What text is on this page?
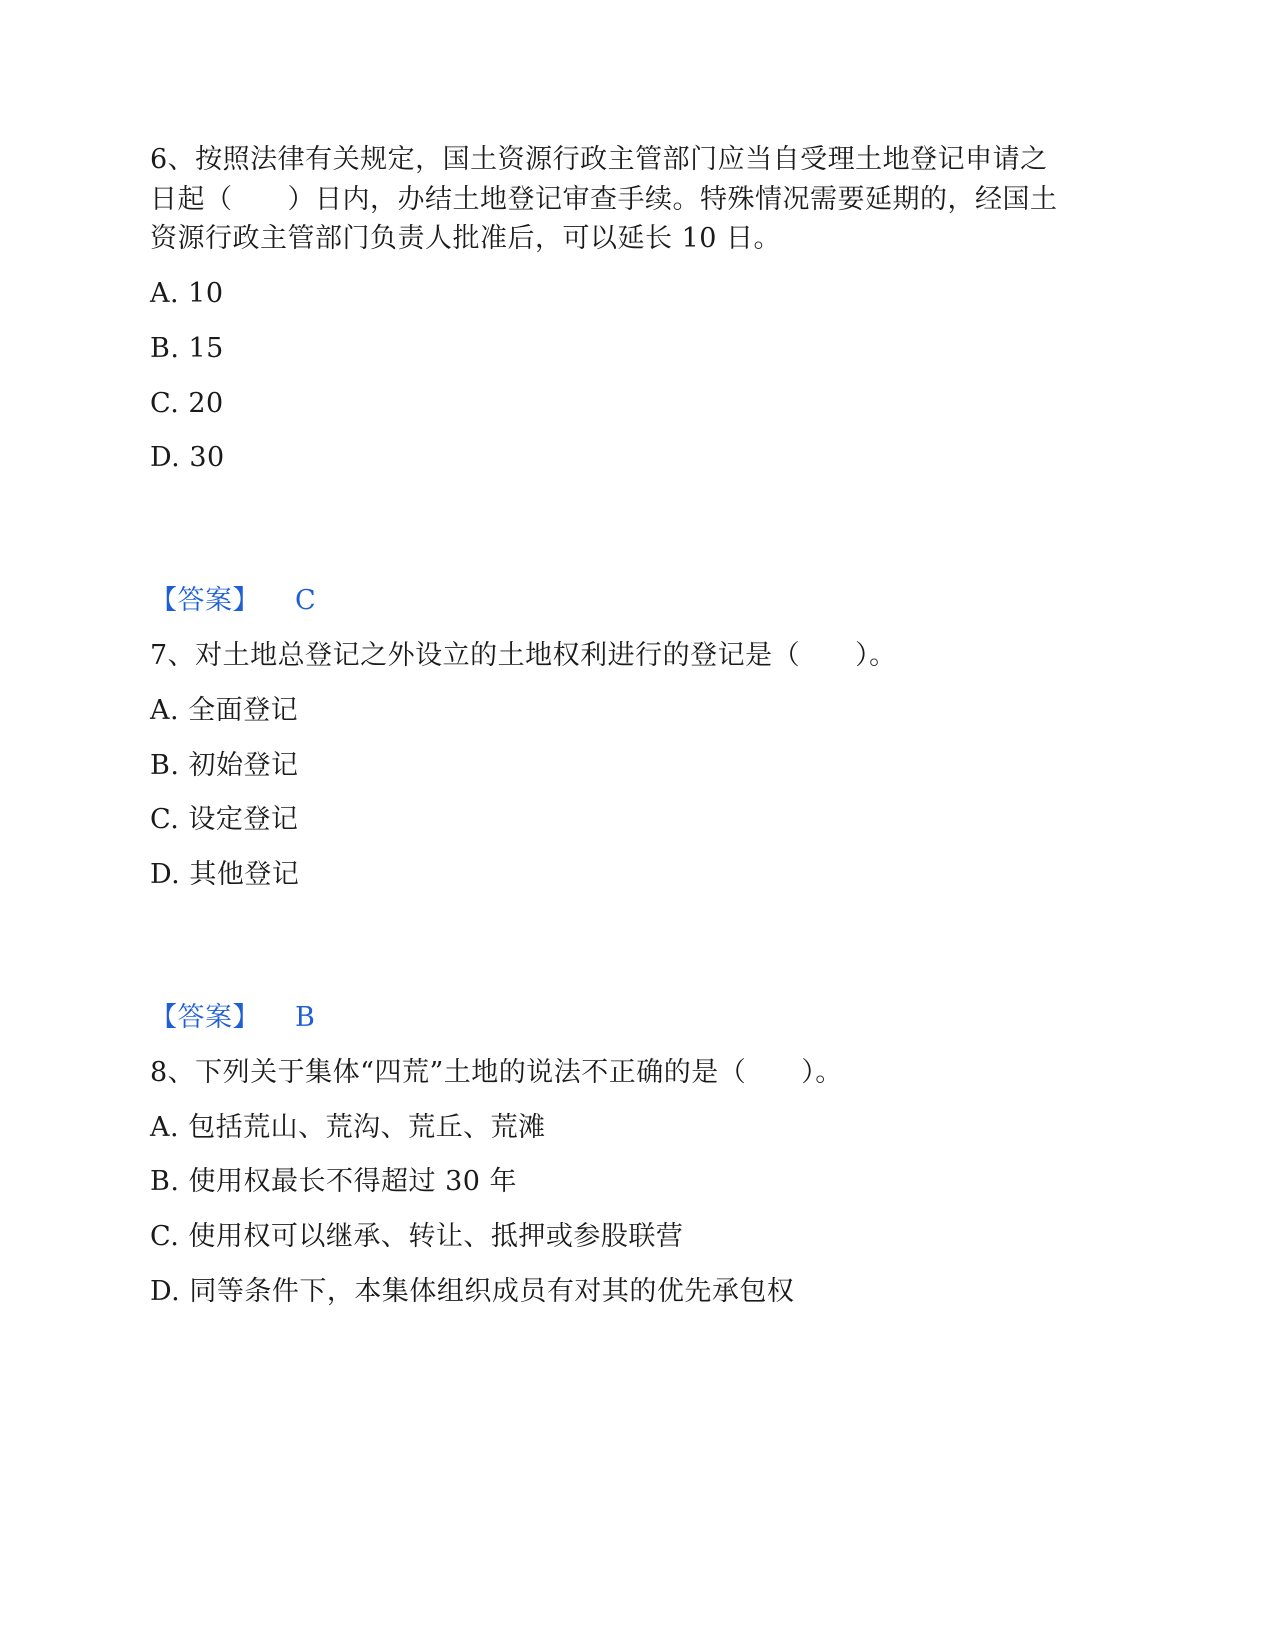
6、按照法律有关规定，国土资源行政主管部门应当自受理土地登记申请之
日起（　　）日内，办结土地登记审查手续。特殊情况需要延期的，经国土
资源行政主管部门负责人批准后，可以延长 10 日。
A. 10
B. 15
C. 20
D. 30
【答案】 C
7、对土地总登记之外设立的土地权利进行的登记是（　　）。
A. 全面登记
B. 初始登记
C. 设定登记
D. 其他登记
【答案】 B
8、下列关于集体“四荒”土地的说法不正确的是（　　）。
A. 包括荒山、荒沟、荒丘、荒滩
B. 使用权最长不得超过 30 年
C. 使用权可以继承、转让、抵押或参股联营
D. 同等条件下，本集体组织成员有对其的优先承包权
